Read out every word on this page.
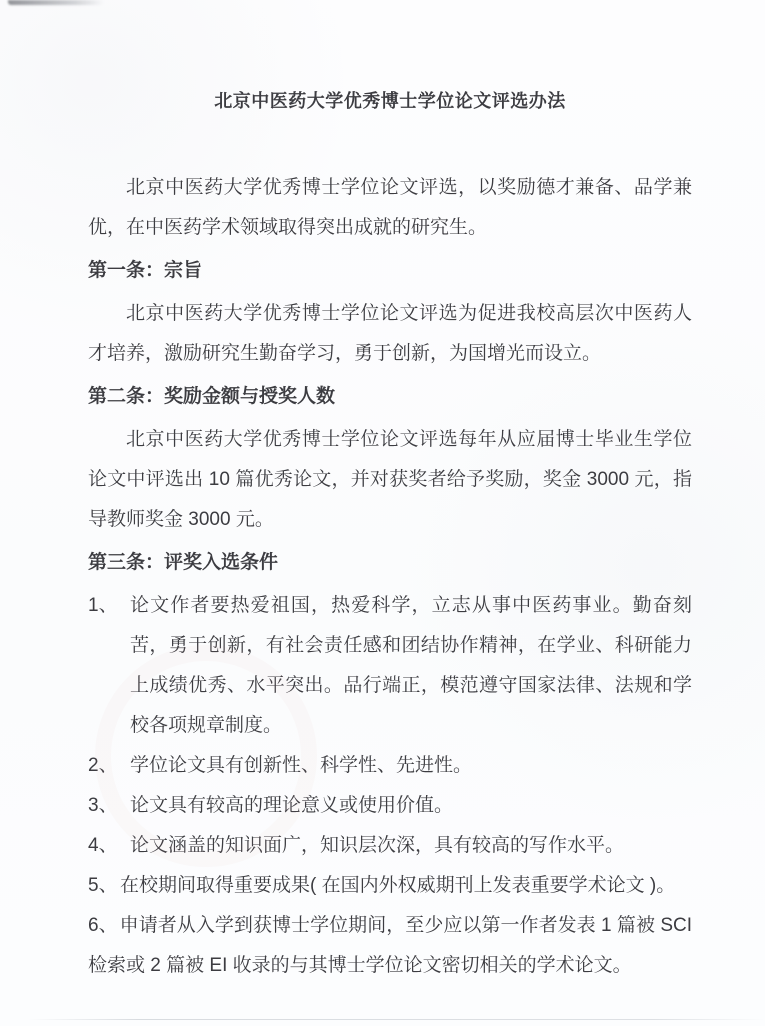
北京中医药大学优秀博士学位论文评选办法

北京中医药大学优秀博士学位论文评选，以奖励德才兼备、品学兼优，在中医药学术领域取得突出成就的研究生。

第一条：宗旨

北京中医药大学优秀博士学位论文评选为促进我校高层次中医药人才培养，激励研究生勤奋学习，勇于创新，为国增光而设立。

第二条：奖励金额与授奖人数

北京中医药大学优秀博士学位论文评选每年从应届博士毕业生学位论文中评选出 10 篇优秀论文，并对获奖者给予奖励，奖金 3000 元，指导教师奖金 3000 元。

第三条：评奖入选条件
1、 论文作者要热爱祖国，热爱科学，立志从事中医药事业。勤奋刻苦，勇于创新，有社会责任感和团结协作精神，在学业、科研能力上成绩优秀、水平突出。品行端正，模范遵守国家法律、法规和学校各项规章制度。
2、 学位论文具有创新性、科学性、先进性。
3、 论文具有较高的理论意义或使用价值。
4、 论文涵盖的知识面广，知识层次深，具有较高的写作水平。
5、 在校期间取得重要成果( 在国内外权威期刊上发表重要学术论文 )。

6、 申请者从入学到获博士学位期间，至少应以第一作者发表 1 篇被 SCI 检索或 2 篇被 EI 收录的与其博士学位论文密切相关的学术论文。
